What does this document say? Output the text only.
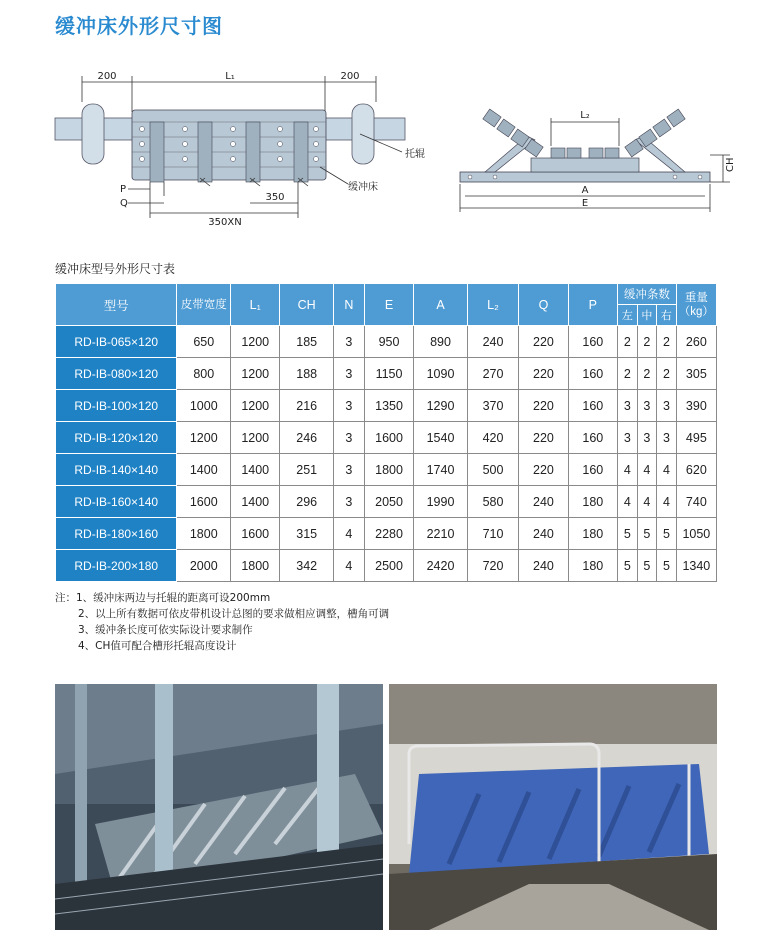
缓冲床外形尺寸图
200	L₁	200
托辊
缓冲床
P
Q
350
350XN
L₂
CH
A
E
缓冲床型号外形尺寸表
型号	皮带宽度	L₁	CH	N	E	A	L₂	Q	P	缓冲条数			重量（kg）
										左	中	右	
RD-IB-065×120	650	1200	185	3	950	890	240	220	160	2	2	2	260
RD-IB-080×120	800	1200	188	3	1150	1090	270	220	160	2	2	2	305
RD-IB-100×120	1000	1200	216	3	1350	1290	370	220	160	3	3	3	390
RD-IB-120×120	1200	1200	246	3	1600	1540	420	220	160	3	3	3	495
RD-IB-140×140	1400	1400	251	3	1800	1740	500	220	160	4	4	4	620
RD-IB-160×140	1600	1400	296	3	2050	1990	580	240	180	4	4	4	740
RD-IB-180×160	1800	1600	315	4	2280	2210	710	240	180	5	5	5	1050
RD-IB-200×180	2000	1800	342	4	2500	2420	720	240	180	5	5	5	1340
注：1、缓冲床两边与托辊的距离可设200mm
2、以上所有数据可依皮带机设计总图的要求做相应调整，槽角可调
3、缓冲条长度可依实际设计要求制作
4、CH值可配合槽形托辊高度设计
